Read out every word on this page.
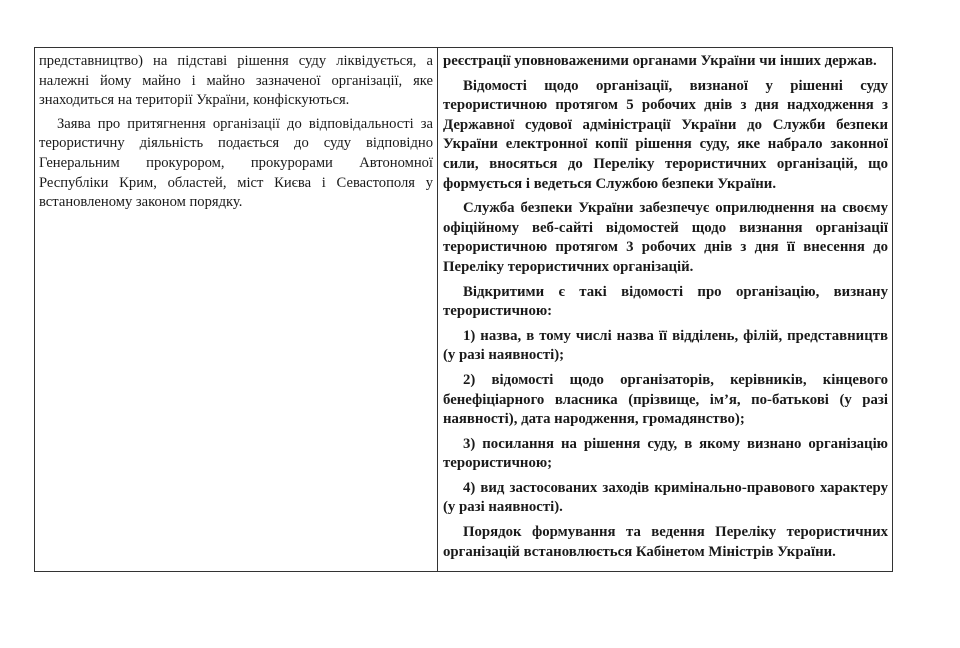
представництво) на підставі рішення суду ліквідується, а належні йому майно і майно зазначеної організації, яке знаходиться на території України, конфіскуються.

Заява про притягнення організації до відповідальності за терористичну діяльність подається до суду відповідно Генеральним прокурором, прокурорами Автономної Республіки Крим, областей, міст Києва і Севастополя у встановленому законом порядку.

реєстрації уповноваженими органами України чи інших держав.

Відомості щодо організації, визнаної у рішенні суду терористичною протягом 5 робочих днів з дня надходження з Державної судової адміністрації України до Служби безпеки України електронної копії рішення суду, яке набрало законної сили, вносяться до Переліку терористичних організацій, що формується і ведеться Службою безпеки України.

Служба безпеки України забезпечує оприлюднення на своєму офіційному веб-сайті відомостей щодо визнання організації терористичною протягом 3 робочих днів з дня її внесення до Переліку терористичних організацій.

Відкритими є такі відомості про організацію, визнану терористичною:

1) назва, в тому числі назва її відділень, філій, представництв (у разі наявності);

2) відомості щодо організаторів, керівників, кінцевого бенефіціарного власника (прізвище, ім’я, по-батькові (у разі наявності), дата народження, громадянство);

3) посилання на рішення суду, в якому визнано організацію терористичною;

4) вид застосованих заходів кримінально-правового характеру (у разі наявності).

Порядок формування та ведення Переліку терористичних організацій встановлюється Кабінетом Міністрів України.
